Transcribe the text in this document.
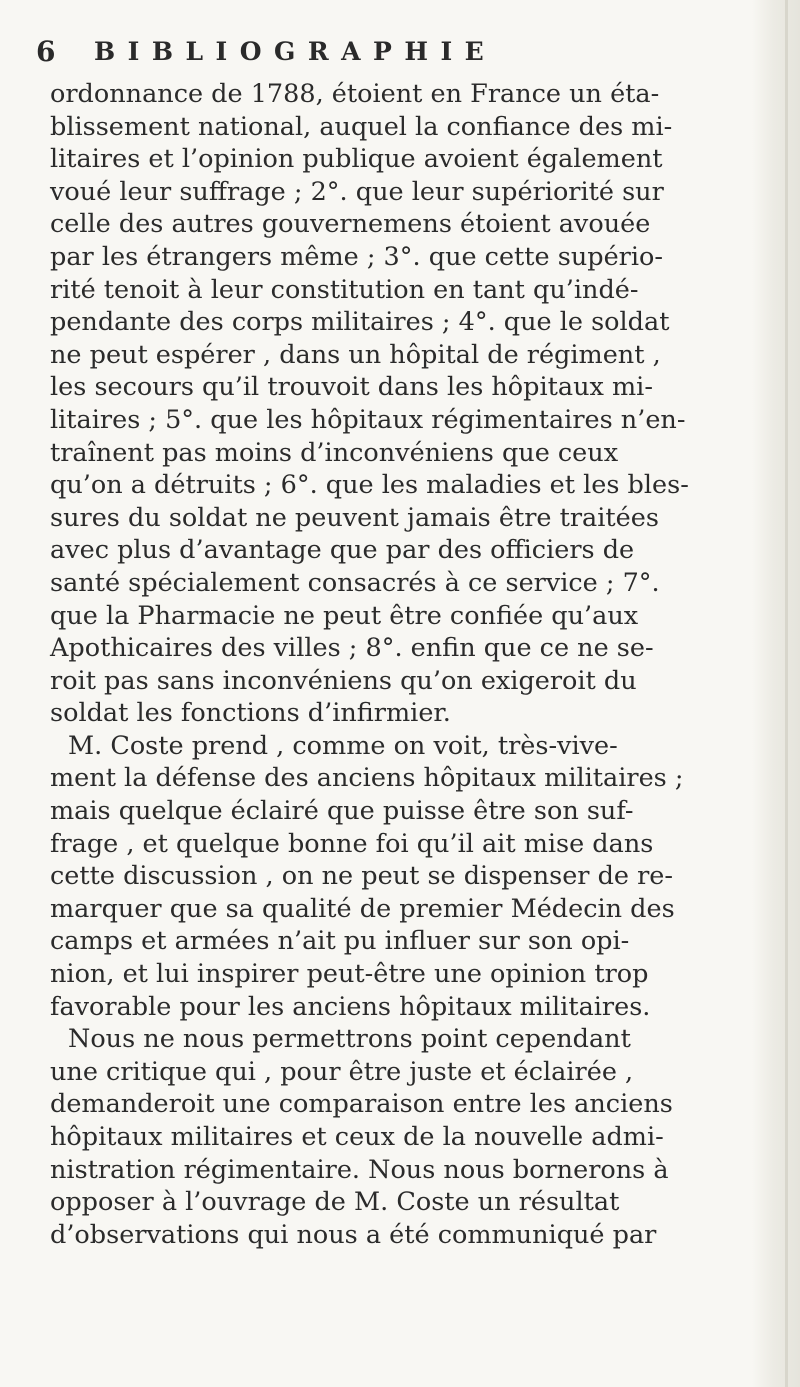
6 BIBLIOGRAPHIE
ordonnance de 1788, étoient en France un éta-
blissement national, auquel la confiance des mi-
litaires et l’opinion publique avoient également
voué leur suffrage ; 2°. que leur supériorité sur
celle des autres gouvernemens étoient avouée
par les étrangers même ; 3°. que cette supério-
rité tenoit à leur constitution en tant qu’indé-
pendante des corps militaires ; 4°. que le soldat
ne peut espérer , dans un hôpital de régiment ,
les secours qu’il trouvoit dans les hôpitaux mi-
litaires ; 5°. que les hôpitaux régimentaires n’en-
traînent pas moins d’inconvéniens que ceux
qu’on a détruits ; 6°. que les maladies et les bles-
sures du soldat ne peuvent jamais être traitées
avec plus d’avantage que par des officiers de
santé spécialement consacrés à ce service ; 7°.
que la Pharmacie ne peut être confiée qu’aux
Apothicaires des villes ; 8°. enfin que ce ne se-
roit pas sans inconvéniens qu’on exigeroit du
soldat les fonctions d’infirmier.
M. Coste prend , comme on voit, très-vive-
ment la défense des anciens hôpitaux militaires ;
mais quelque éclairé que puisse être son suf-
frage , et quelque bonne foi qu’il ait mise dans
cette discussion , on ne peut se dispenser de re-
marquer que sa qualité de premier Médecin des
camps et armées n’ait pu influer sur son opi-
nion, et lui inspirer peut-être une opinion trop
favorable pour les anciens hôpitaux militaires.
Nous ne nous permettrons point cependant
une critique qui , pour être juste et éclairée ,
demanderoit une comparaison entre les anciens
hôpitaux militaires et ceux de la nouvelle admi-
nistration régimentaire. Nous nous bornerons à
opposer à l’ouvrage de M. Coste un résultat
d’observations qui nous a été communiqué par
